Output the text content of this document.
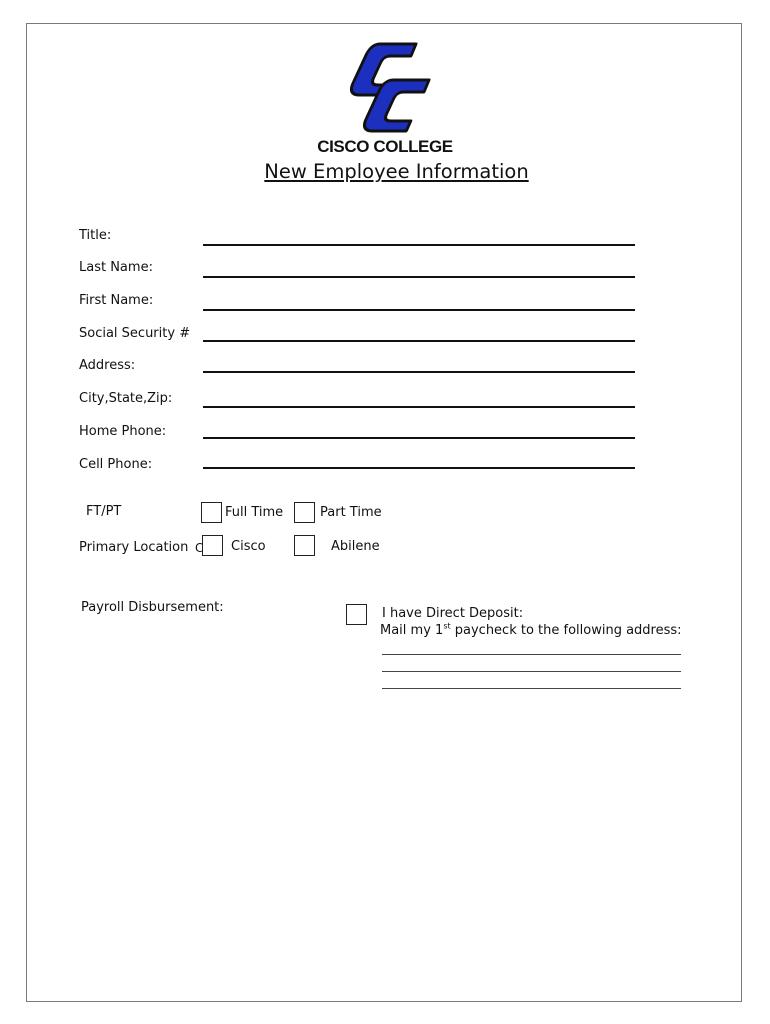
CISCO COLLEGE
New Employee Information
Title:
Last Name:
First Name:
Social Security #
Address:
City,State,Zip:
Home Phone:
Cell Phone:
FT/PT	Full Time	Part Time
Primary Location C Cisco	Abilene
Payroll Disbursement:	I have Direct Deposit:
Mail my 1st paycheck to the following address:
